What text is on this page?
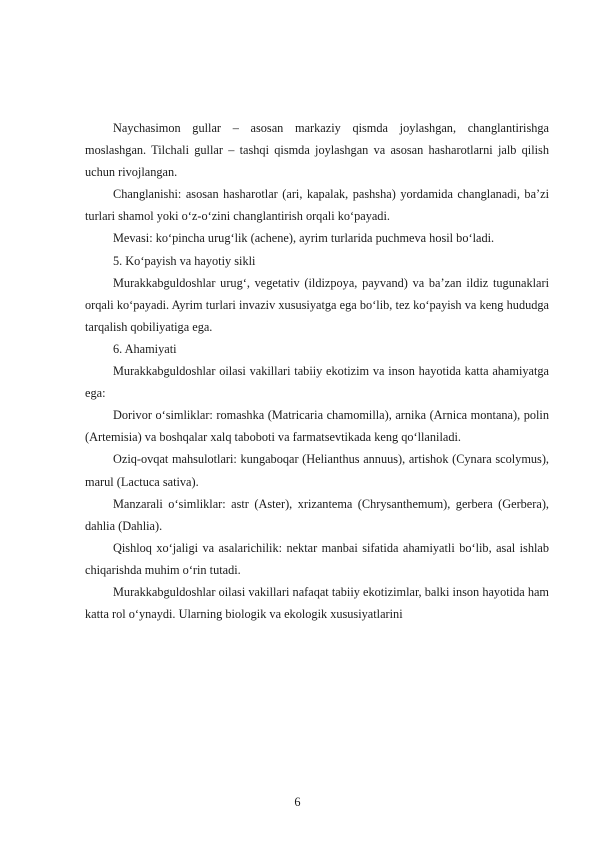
Naychasimon gullar – asosan markaziy qismda joylashgan, changlantirishga moslashgan. Tilchali gullar – tashqi qismda joylashgan va asosan hasharotlarni jalb qilish uchun rivojlangan.

Changlanishi: asosan hasharotlar (ari, kapalak, pashsha) yordamida changlanadi, ba’zi turlari shamol yoki o‘z-o‘zini changlantirish orqali ko‘payadi.

Mevasi: ko‘pincha urug‘lik (achene), ayrim turlarida puchmeva hosil bo‘ladi.

5. Ko‘payish va hayotiy sikli

Murakkabguldoshlar urug‘, vegetativ (ildizpoya, payvand) va ba’zan ildiz tugunaklari orqali ko‘payadi. Ayrim turlari invaziv xususiyatga ega bo‘lib, tez ko‘payish va keng hududga tarqalish qobiliyatiga ega.

6. Ahamiyati

Murakkabguldoshlar oilasi vakillari tabiiy ekotizim va inson hayotida katta ahamiyatga ega:

Dorivor o‘simliklar: romashka (Matricaria chamomilla), arnika (Arnica montana), polin (Artemisia) va boshqalar xalq taboboti va farmatsevtikada keng qo‘llaniladi.

Oziq-ovqat mahsulotlari: kungaboqar (Helianthus annuus), artishok (Cynara scolymus), marul (Lactuca sativa).

Manzarali o‘simliklar: astr (Aster), xrizantema (Chrysanthemum), gerbera (Gerbera), dahlia (Dahlia).

Qishloq xo‘jaligi va asalarichilik: nektar manbai sifatida ahamiyatli bo‘lib, asal ishlab chiqarishda muhim o‘rin tutadi.

Murakkabguldoshlar oilasi vakillari nafaqat tabiiy ekotizimlar, balki inson hayotida ham katta rol o‘ynaydi. Ularning biologik va ekologik xususiyatlarini

6
